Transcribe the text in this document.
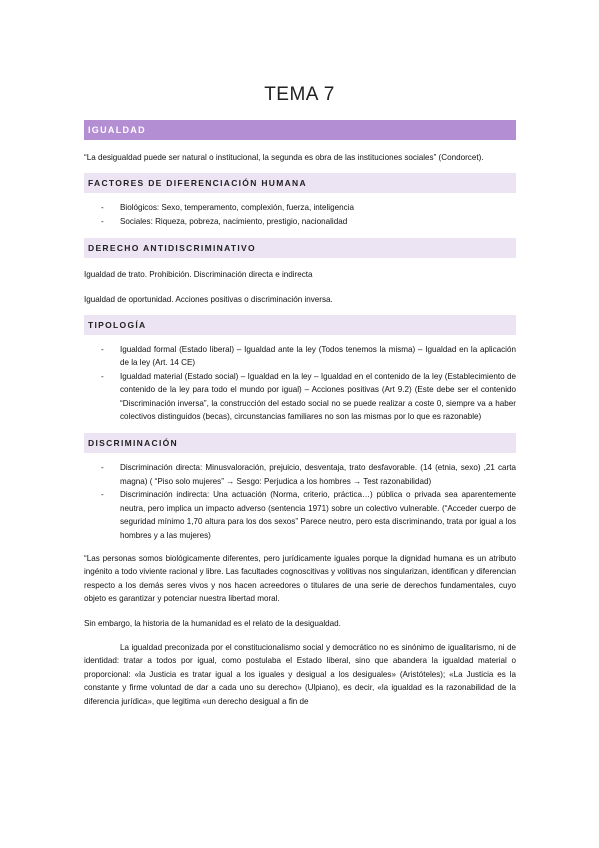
TEMA 7
IGUALDAD

“La desigualdad puede ser natural o institucional, la segunda es obra de las instituciones sociales” (Condorcet).

FACTORES DE DIFERENCIACIÓN HUMANA
- Biológicos: Sexo, temperamento, complexión, fuerza, inteligencia
- Sociales: Riqueza, pobreza, nacimiento, prestigio, nacionalidad
DERECHO ANTIDISCRIMINATIVO

Igualdad de trato. Prohibición. Discriminación directa e indirecta

Igualdad de oportunidad. Acciones positivas o discriminación inversa.

TIPOLOGÍA
- Igualdad formal (Estado liberal) – Igualdad ante la ley (Todos tenemos la misma) – Igualdad en la aplicación de la ley (Art. 14 CE)
- Igualdad material (Estado social) – Igualdad en la ley – Igualdad en el contenido de la ley (Establecimiento de contenido de la ley para todo el mundo por igual) – Acciones positivas (Art 9.2) (Este debe ser el contenido “Discriminación inversa”, la construcción del estado social no se puede realizar a coste 0, siempre va a haber colectivos distinguidos (becas), circunstancias familiares no son las mismas por lo que es razonable)
DISCRIMINACIÓN
- Discriminación directa: Minusvaloración, prejuicio, desventaja, trato desfavorable. (14 (etnia, sexo) ,21 carta magna) ( “Piso solo mujeres” → Sesgo: Perjudica a los hombres → Test razonabilidad)
- Discriminación indirecta: Una actuación (Norma, criterio, práctica…) pública o privada sea aparentemente neutra, pero implica un impacto adverso (sentencia 1971) sobre un colectivo vulnerable. (“Acceder cuerpo de seguridad mínimo 1,70 altura para los dos sexos” Parece neutro, pero esta discriminando, trata por igual a los hombres y a las mujeres)

“Las personas somos biológicamente diferentes, pero jurídicamente iguales porque la dignidad humana es un atributo ingénito a todo viviente racional y libre. Las facultades cognoscitivas y volitivas nos singularizan, identifican y diferencian respecto a los demás seres vivos y nos hacen acreedores o titulares de una serie de derechos fundamentales, cuyo objeto es garantizar y potenciar nuestra libertad moral.

Sin embargo, la historia de la humanidad es el relato de la desigualdad.

La igualdad preconizada por el constitucionalismo social y democrático no es sinónimo de igualitarismo, ni de identidad: tratar a todos por igual, como postulaba el Estado liberal, sino que abandera la igualdad material o proporcional: «la Justicia es tratar igual a los iguales y desigual a los desiguales» (Aristóteles); «La Justicia es la constante y firme voluntad de dar a cada uno su derecho» (Ulpiano), es decir, «la igualdad es la razonabilidad de la diferencia jurídica», que legitima «un derecho desigual a fin de
